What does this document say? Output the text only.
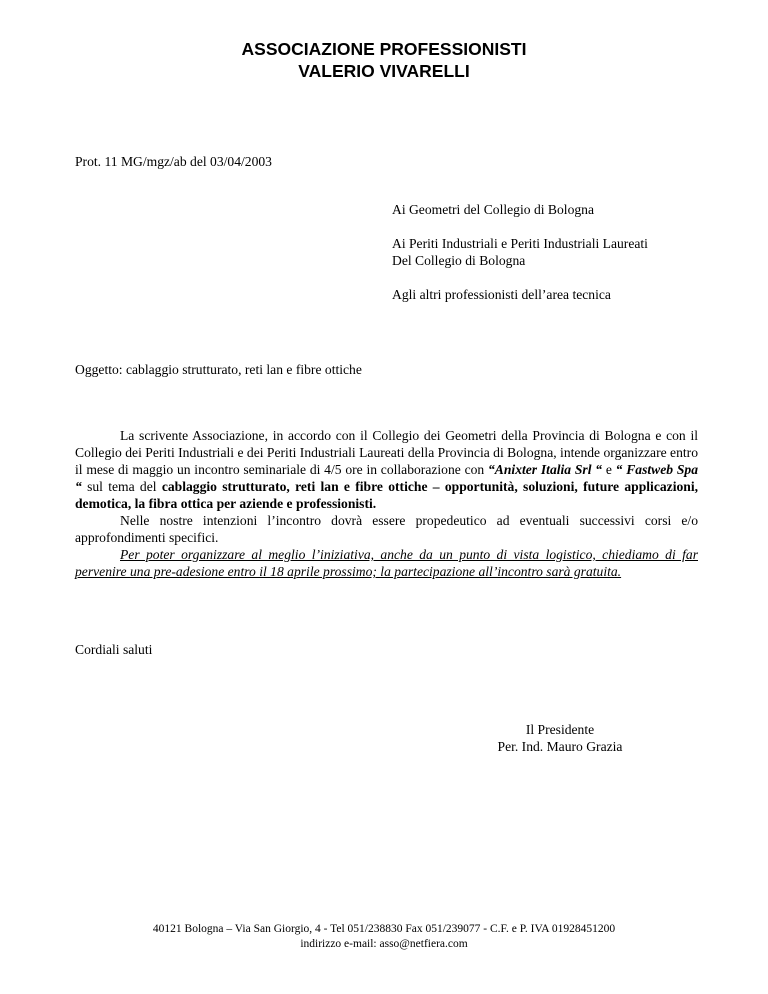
ASSOCIAZIONE PROFESSIONISTI
VALERIO VIVARELLI
Prot. 11 MG/mgz/ab del 03/04/2003
Ai Geometri del Collegio di Bologna
Ai Periti Industriali e Periti Industriali Laureati
Del Collegio di Bologna
Agli altri professionisti dell’area tecnica
Oggetto: cablaggio strutturato, reti lan e fibre ottiche

La scrivente Associazione, in accordo con il Collegio dei Geometri della Provincia di Bologna e con il Collegio dei Periti Industriali e dei Periti Industriali Laureati della Provincia di Bologna, intende organizzare entro il mese di maggio un incontro seminariale di 4/5 ore in collaborazione con “Anixter Italia Srl “ e “ Fastweb Spa “ sul tema del cablaggio strutturato, reti lan e fibre ottiche – opportunità, soluzioni, future applicazioni, demotica, la fibra ottica per aziende e professionisti.

Nelle nostre intenzioni l’incontro dovrà essere propedeutico ad eventuali successivi corsi e/o approfondimenti specifici.

Per poter organizzare al meglio l’iniziativa, anche da un punto di vista logistico, chiediamo di far pervenire una pre-adesione entro il 18 aprile prossimo; la partecipazione all’incontro sarà gratuita.

Cordiali saluti
Il Presidente
Per. Ind. Mauro Grazia
40121 Bologna – Via San Giorgio, 4 - Tel 051/238830 Fax 051/239077 - C.F. e P. IVA 01928451200
indirizzo e-mail: asso@netfiera.com
